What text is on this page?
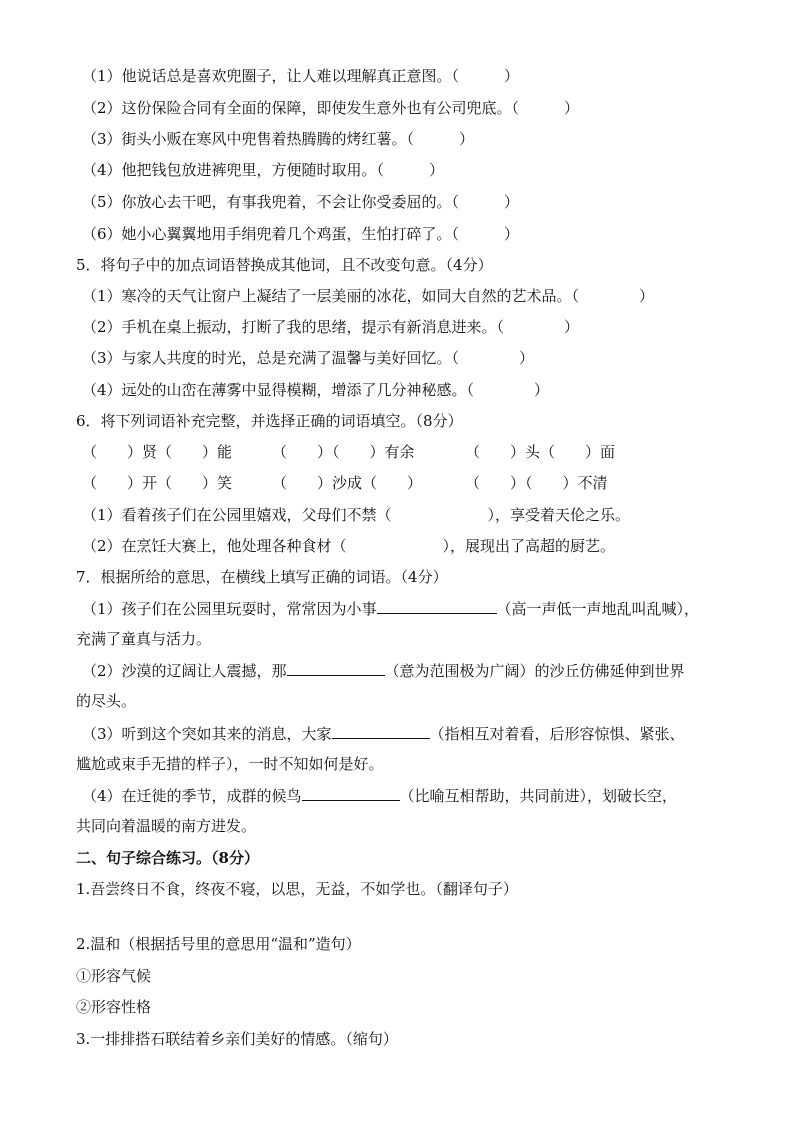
（1）他说话总是喜欢兜圈子，让人难以理解真正意图。（　　　）
（2）这份保险合同有全面的保障，即使发生意外也有公司兜底。（　　　）
（3）街头小贩在寒风中兜售着热腾腾的烤红薯。（　　　）
（4）他把钱包放进裤兜里，方便随时取用。（　　　）
（5）你放心去干吧，有事我兜着，不会让你受委屈的。（　　　）
（6）她小心翼翼地用手绢兜着几个鸡蛋，生怕打碎了。（　　　）
5．将句子中的加点词语替换成其他词，且不改变句意。（4分）
（1）寒冷的天气让窗户上凝结了一层美丽的冰花，如同大自然的艺术品。（　　　　）
（2）手机在桌上振动，打断了我的思绪，提示有新消息进来。（　　　　）
（3）与家人共度的时光，总是充满了温馨与美好回忆。（　　　　）
（4）远处的山峦在薄雾中显得模糊，增添了几分神秘感。（　　　　）
6．将下列词语补充完整，并选择正确的词语填空。（8分）
（　　）贤（　　）能	（　　）（　　）有余	（　　）头（　　）面
（　　）开（　　）笑	（　　）沙成（　　）	（　　）（　　）不清
（1）看着孩子们在公园里嬉戏，父母们不禁（	），享受着天伦之乐。
（2）在烹饪大赛上，他处理各种食材（	），展现出了高超的厨艺。
7．根据所给的意思，在横线上填写正确的词语。（4分）
（1）孩子们在公园里玩耍时，常常因为小事	（高一声低一声地乱叫乱喊），
充满了童真与活力。
（2）沙漠的辽阔让人震撼，那	（意为范围极为广阔）的沙丘仿佛延伸到世界
的尽头。
（3）听到这个突如其来的消息，大家	（指相互对着看，后形容惊惧、紧张、
尴尬或束手无措的样子），一时不知如何是好。
（4）在迁徙的季节，成群的候鸟	（比喻互相帮助，共同前进），划破长空，
共同向着温暖的南方进发。
二、句子综合练习。（8分）
1.吾尝终日不食，终夜不寝，以思，无益，不如学也。（翻译句子）
2.温和（根据括号里的意思用“温和”造句）
①形容气候
②形容性格
3.一排排搭石联结着乡亲们美好的情感。（缩句）
